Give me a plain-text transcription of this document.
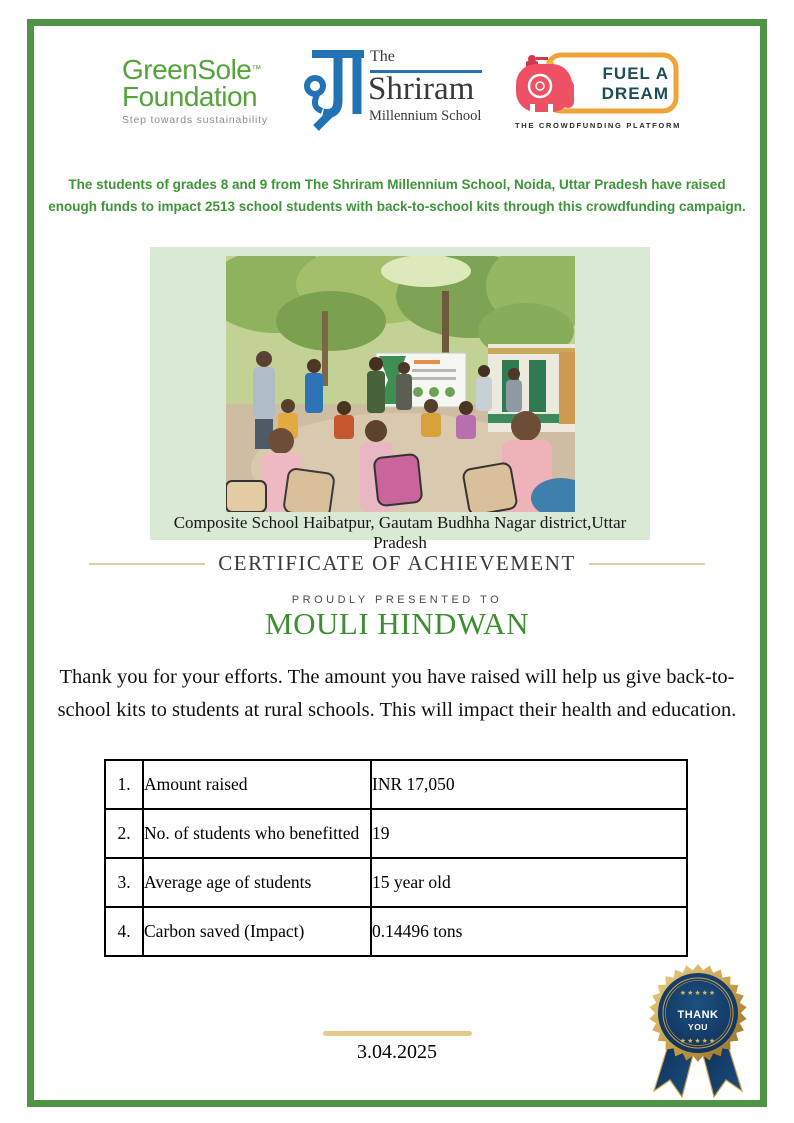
GreenSole™
Foundation
Step towards sustainability
The
Shriram
Millennium School
FUEL A
DREAM
THE CROWDFUNDING PLATFORM
The students of grades 8 and 9 from The Shriram Millennium School, Noida, Uttar Pradesh have raised enough funds to impact 2513 school students with back-to-school kits through this crowdfunding campaign.
Composite School Haibatpur, Gautam Budhha Nagar district,Uttar Pradesh
CERTIFICATE OF ACHIEVEMENT
PROUDLY PRESENTED TO
MOULI HINDWAN
Thank you for your efforts. The amount you have raised will help us give back-to-school kits to students at rural schools. This will impact their health and education.
1.	Amount raised	INR 17,050
2.	No. of students who benefitted	19
3.	Average age of students	15 year old
4.	Carbon saved (Impact)	0.14496 tons
3.04.2025
★★★★★
THANK
YOU
★★★★★
